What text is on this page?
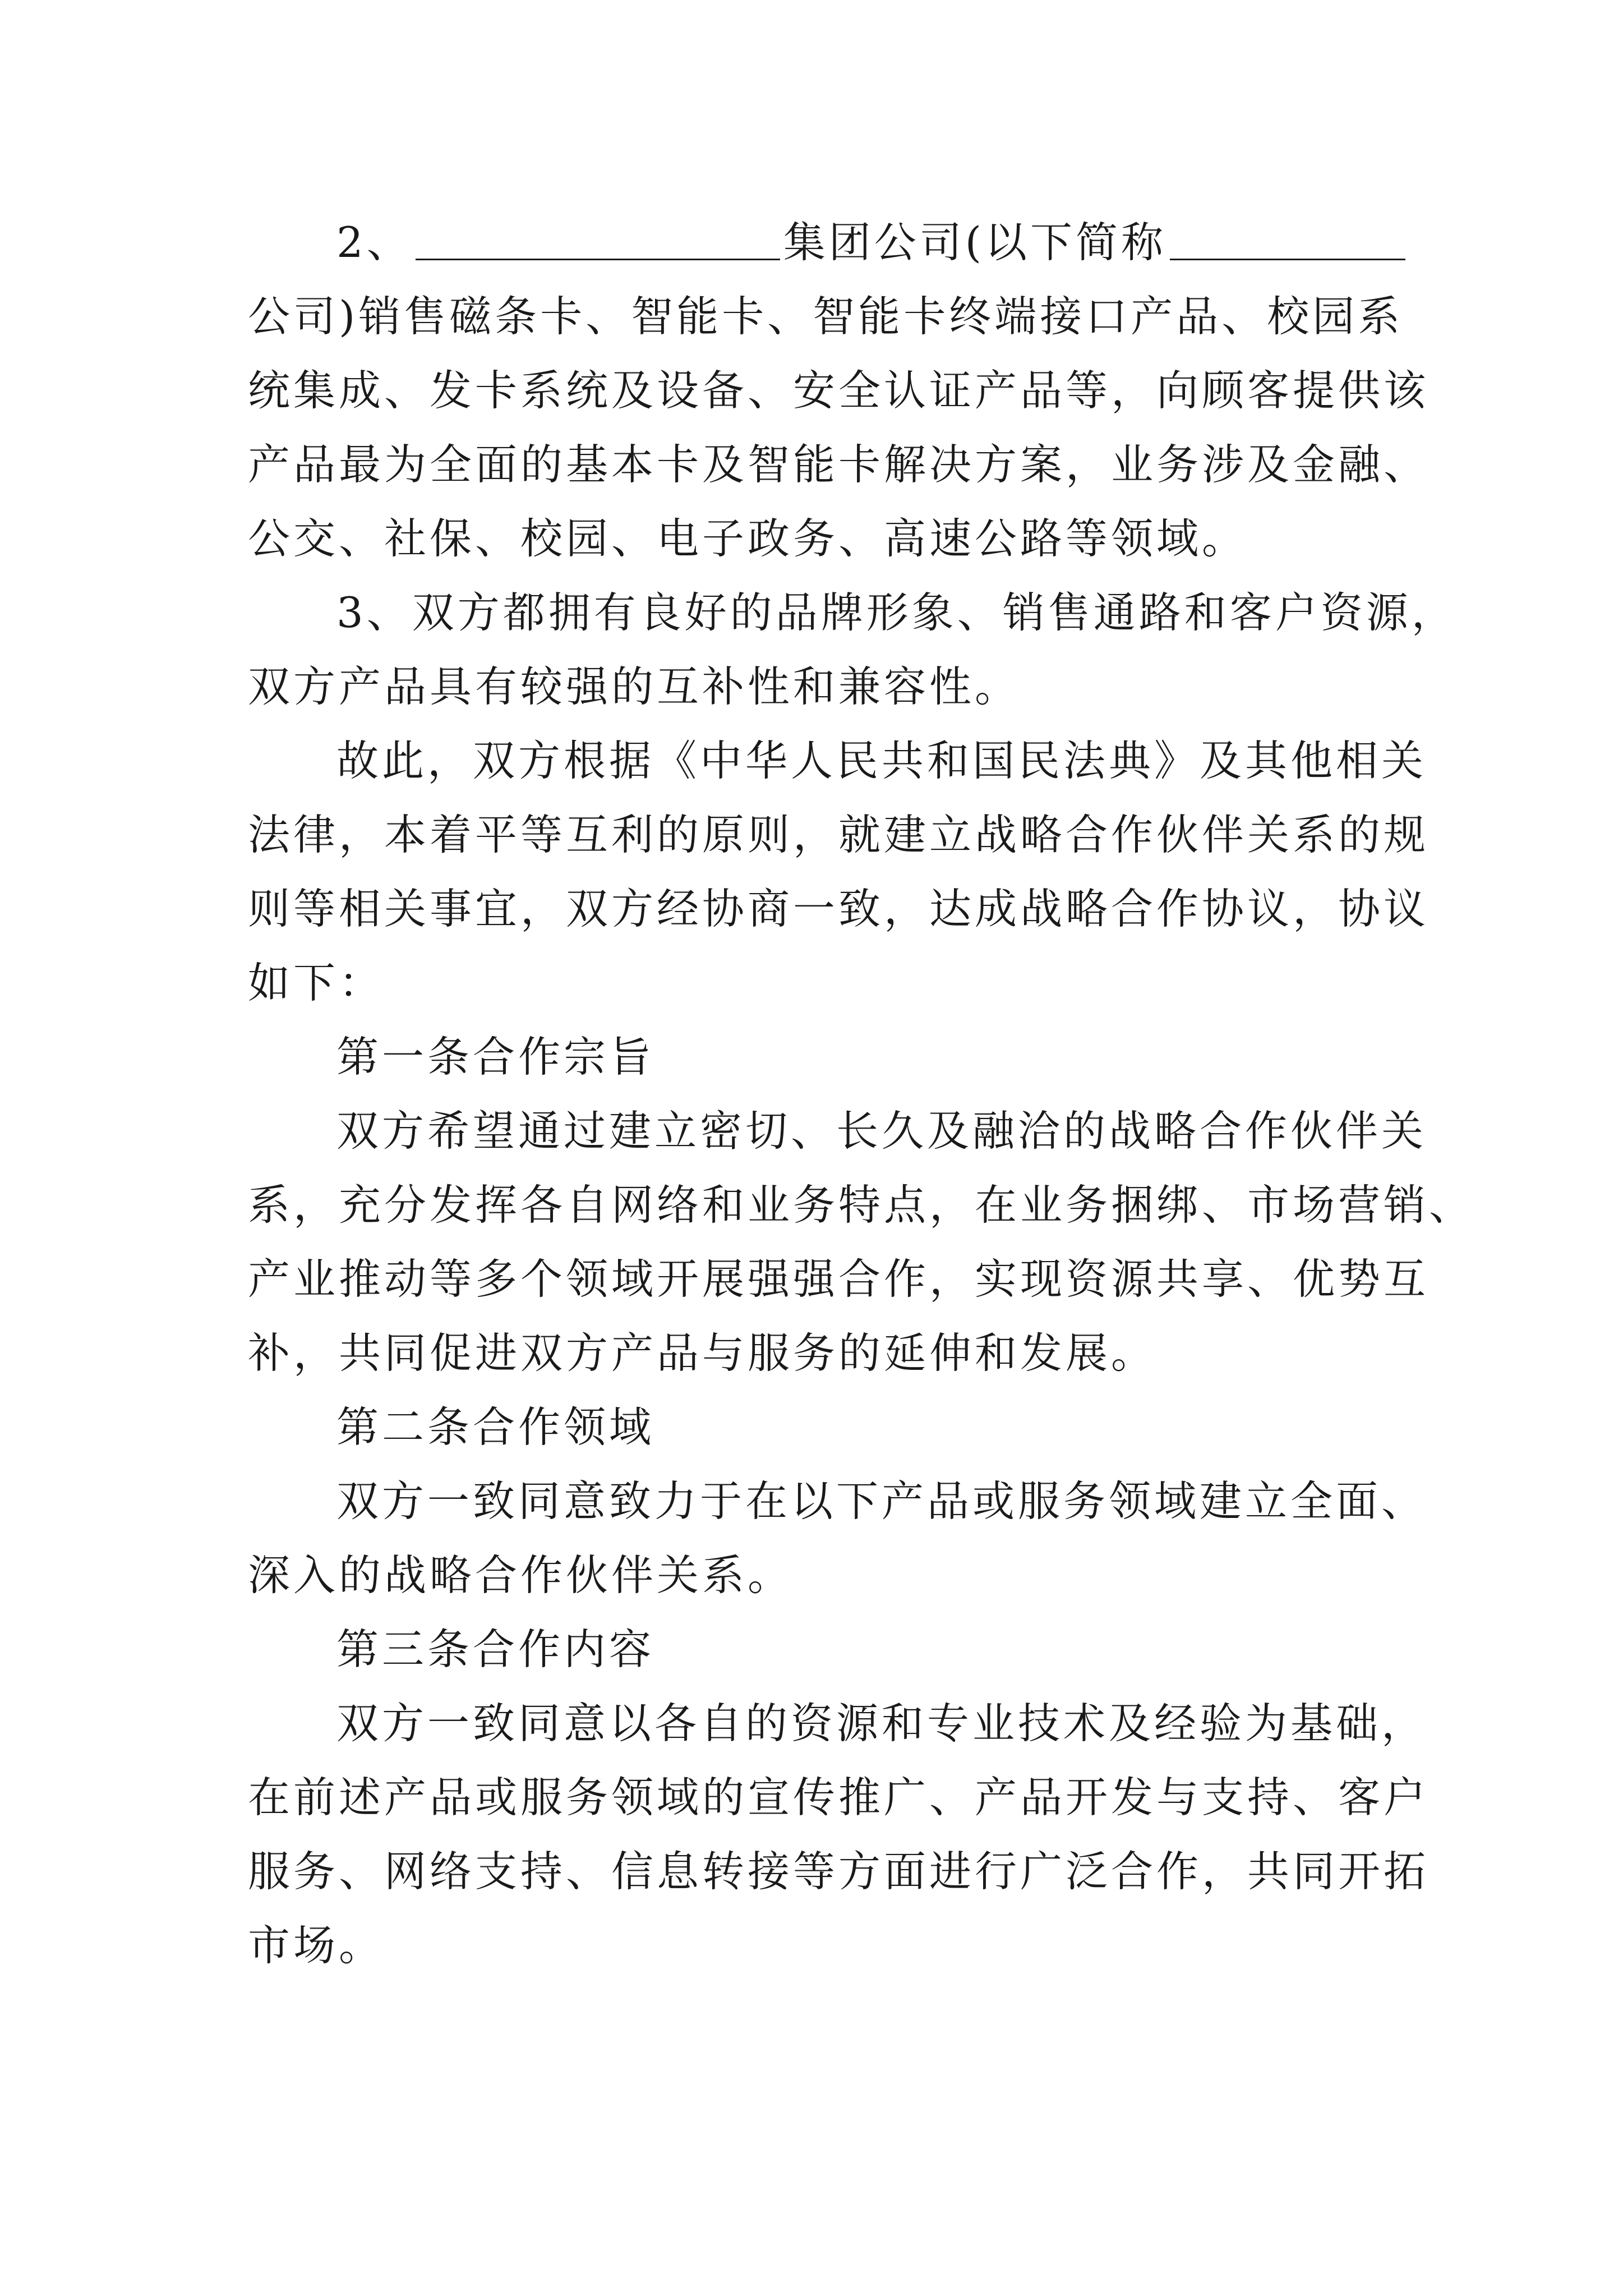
2、	集团公司(以下简称
公司)销售磁条卡、智能卡、智能卡终端接口产品、校园系
统集成、发卡系统及设备、安全认证产品等，向顾客提供该
产品最为全面的基本卡及智能卡解决方案，业务涉及金融、
公交、社保、校园、电子政务、高速公路等领域。
3、双方都拥有良好的品牌形象、销售通路和客户资源，
双方产品具有较强的互补性和兼容性。
故此，双方根据《中华人民共和国民法典》及其他相关
法律，本着平等互利的原则，就建立战略合作伙伴关系的规
则等相关事宜，双方经协商一致，达成战略合作协议，协议
如下：
第一条合作宗旨
双方希望通过建立密切、长久及融洽的战略合作伙伴关
系，充分发挥各自网络和业务特点，在业务捆绑、市场营销、
产业推动等多个领域开展强强合作，实现资源共享、优势互
补，共同促进双方产品与服务的延伸和发展。
第二条合作领域
双方一致同意致力于在以下产品或服务领域建立全面、
深入的战略合作伙伴关系。
第三条合作内容
双方一致同意以各自的资源和专业技术及经验为基础，
在前述产品或服务领域的宣传推广、产品开发与支持、客户
服务、网络支持、信息转接等方面进行广泛合作，共同开拓
市场。
